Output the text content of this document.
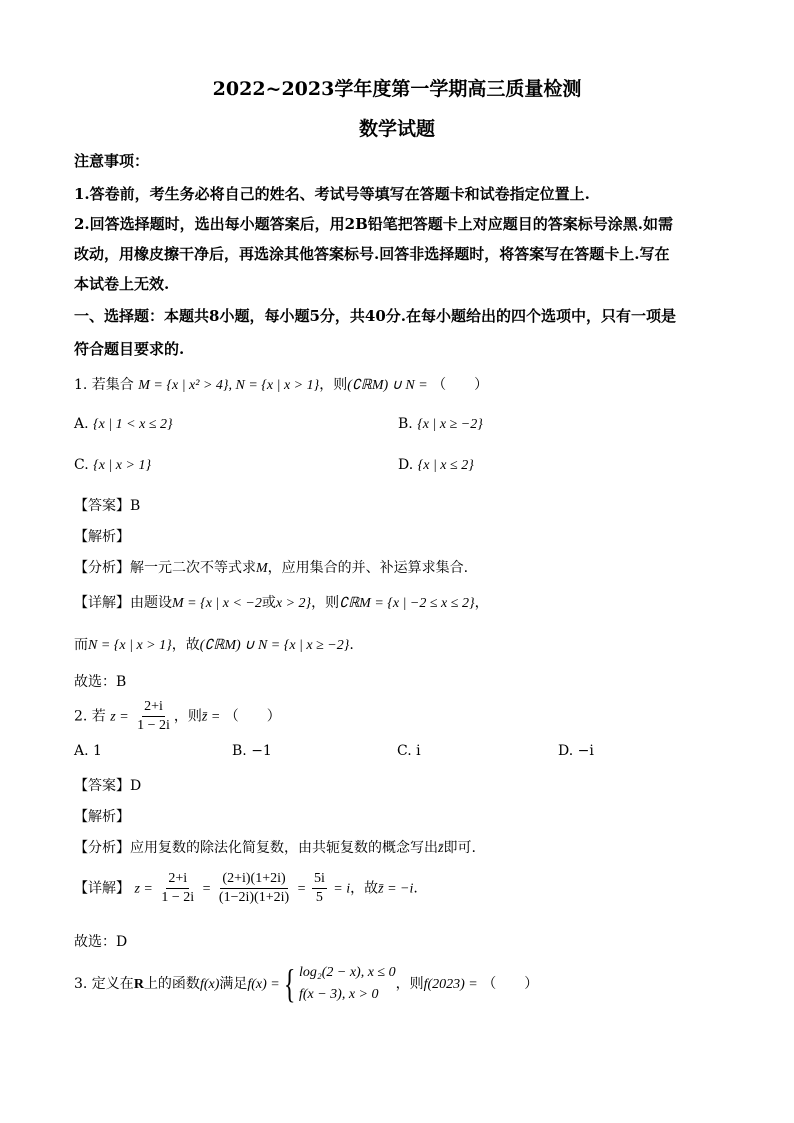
2022~2023学年度第一学期高三质量检测
数学试题
注意事项：
1.答卷前，考生务必将自己的姓名、考试号等填写在答题卡和试卷指定位置上.
2.回答选择题时，选出每小题答案后，用2B铅笔把答题卡上对应题目的答案标号涂黑.如需
改动，用橡皮擦干净后，再选涂其他答案标号.回答非选择题时，将答案写在答题卡上.写在
本试卷上无效.
一、选择题：本题共8小题，每小题5分，共40分.在每小题给出的四个选项中，只有一项是
符合题目要求的.
1. 若集合 M = {x | x² > 4}, N = {x | x > 1}，则(∁ℝM) ∪ N = （　　）
A. {x | 1 < x ≤ 2}	B. {x | x ≥ −2}
C. {x | x > 1}	D. {x | x ≤ 2}
【答案】B
【解析】
【分析】解一元二次不等式求M，应用集合的并、补运算求集合.
【详解】由题设M = {x | x < −2或x > 2}，则∁ℝM = {x | −2 ≤ x ≤ 2}，
而N = {x | x > 1}，故(∁ℝM) ∪ N = {x | x ≥ −2}.
故选：B
2. 若 $z = \frac{2+i}{1 - 2i}$ ，则z̄ = （　　）
A. 1	B. −1	C. i	D. −i
【答案】D
【解析】
【分析】应用复数的除法化简复数，由共轭复数的概念写出z̄即可.
【详解】 $z = \frac{2+i}{1 - 2i} = \frac{(2+i)(1+2i)}{(1-2i)(1+2i)} = \frac{5i}{5} = i$，故z̄ = −i.
故选：D
3. 定义在R上的函数f(x)满足f(x) ={ log₂(2 − x), x ≤ 0
f(x − 3), x > 0
，则f(2023) = （　　）
